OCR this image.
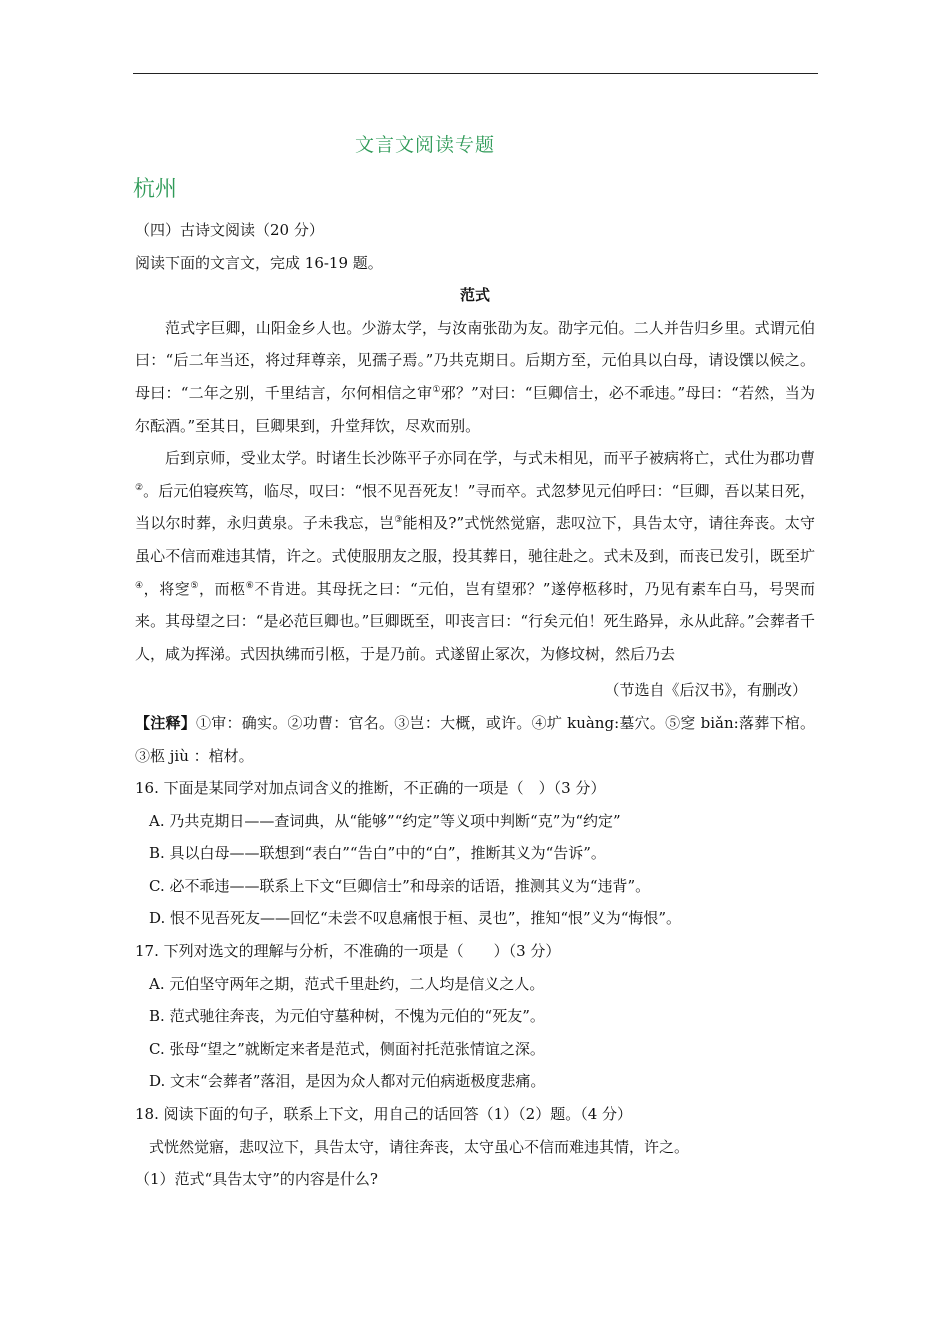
文言文阅读专题
杭州

（四）古诗文阅读（20 分）

阅读下面的文言文，完成 16-19 题。

范式

范式字巨卿，山阳金乡人也。少游太学，与汝南张劭为友。劭字元伯。二人并告归乡里。式谓元伯曰：“后二年当还，将过拜尊亲，见孺子焉。”乃共克期日。后期方至，元伯具以白母，请设馔以候之。母曰：“二年之别，千里结言，尔何相信之审①邪？”对曰：“巨卿信士，必不乖违。”母曰：“若然，当为尔酝酒。”至其日，巨卿果到，升堂拜饮，尽欢而别。

后到京师，受业太学。时诸生长沙陈平子亦同在学，与式未相见，而平子被病将亡，式仕为郡功曹②。后元伯寝疾笃，临尽，叹曰：“恨不见吾死友！”寻而卒。式忽梦见元伯呼曰：“巨卿，吾以某日死，当以尔时葬，永归黄泉。子未我忘，岂③能相及?”式恍然觉寤，悲叹泣下，具告太守，请往奔丧。太守虽心不信而难违其情，许之。式使服朋友之服，投其葬日，驰往赴之。式未及到，而丧已发引，既至圹④，将窆⑤，而柩⑥不肯进。其母抚之曰：“元伯，岂有望邪？”遂停柩移时，乃见有素车白马，号哭而来。其母望之曰：“是必范巨卿也。”巨卿既至，叩丧言曰：“行矣元伯！死生路异，永从此辞。”会葬者千人，咸为挥涕。式因执绋而引柩，于是乃前。式遂留止冢次，为修坟树，然后乃去

（节选自《后汉书》，有删改）

【注释】①审：确实。②功曹：官名。③岂：大概，或许。④圹 kuàng:墓穴。⑤窆 biǎn:落葬下棺。③柩 jiù ：棺材。

16. 下面是某同学对加点词含义的推断，不正确的一项是（　）（3 分）

A. 乃共克期日——查词典，从“能够”“约定”等义项中判断“克”为“约定”

B. 具以白母——联想到“表白”“告白”中的“白”，推断其义为“告诉”。

C. 必不乖违——联系上下文“巨卿信士”和母亲的话语，推测其义为“违背”。

D. 恨不见吾死友——回忆“未尝不叹息痛恨于桓、灵也”，推知“恨”义为“悔恨”。

17. 下列对选文的理解与分析，不准确的一项是（　　）（3 分）

A. 元伯坚守两年之期，范式千里赴约，二人均是信义之人。

B. 范式驰往奔丧，为元伯守墓种树，不愧为元伯的“死友”。

C. 张母“望之”就断定来者是范式，侧面衬托范张情谊之深。

D. 文末“会葬者”落泪，是因为众人都对元伯病逝极度悲痛。

18. 阅读下面的句子，联系上下文，用自己的话回答（1）（2）题。（4 分）

式恍然觉寤，悲叹泣下，具告太守，请往奔丧，太守虽心不信而难违其情，许之。

（1）范式“具告太守”的内容是什么?
